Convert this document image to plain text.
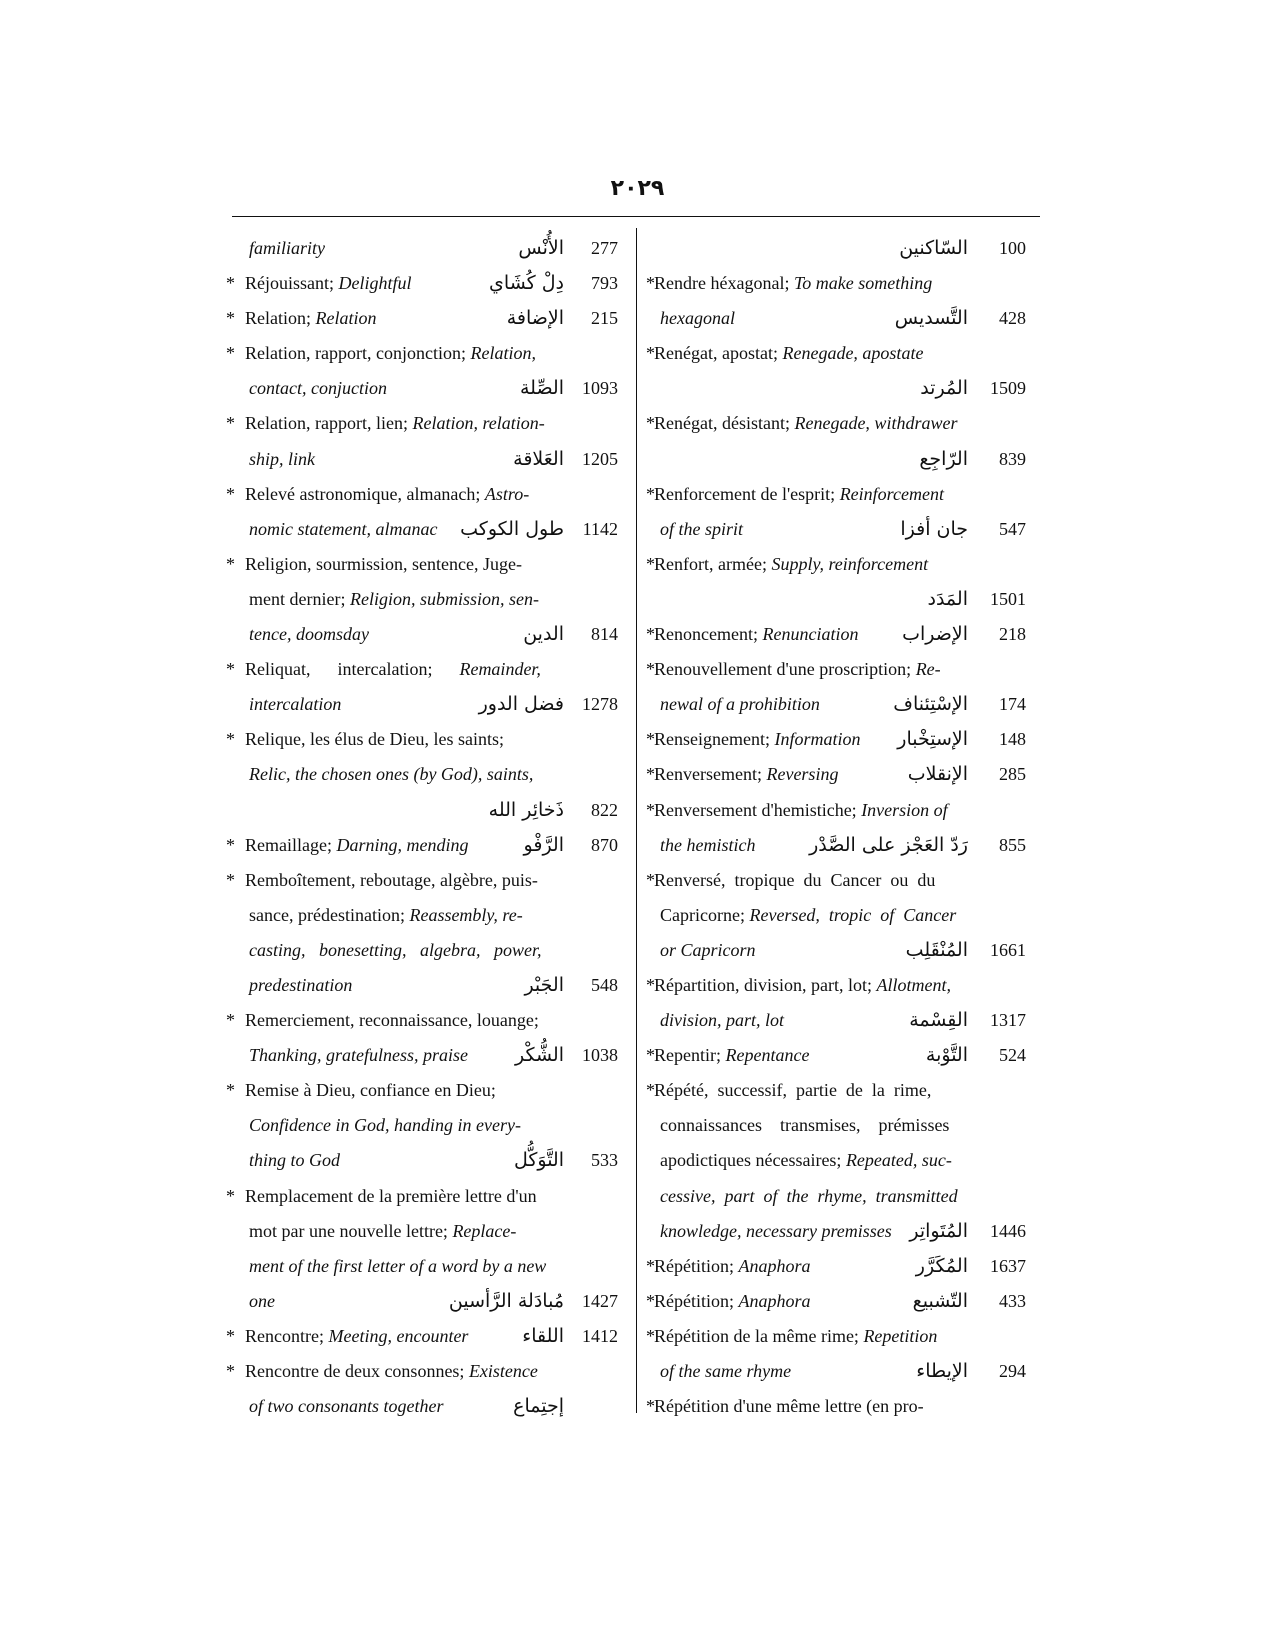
٢٠٢٩
familiarity	الأُنْس	277
* Réjouissant; Delightful	دِلْ كُشَاي	793
* Relation; Relation	الإضافة	215
* Relation, rapport, conjonction; Relation,
contact, conjuction	الصِّلة	1093
* Relation, rapport, lien; Relation, relation-
ship, link	العَلاقة	1205
* Relevé astronomique, almanach; Astro-
nomic statement, almanac طول الكوكب	1142
* Religion, sourmission, sentence, Juge-
ment dernier; Religion, submission, sen-
tence, doomsday	الدين	814
* Reliquat,      intercalation;      Remainder,
intercalation	فضل الدور	1278
* Relique, les élus de Dieu, les saints;
Relic, the chosen ones (by God), saints,
ذَخائِر الله	822
* Remaillage; Darning, mending	الرَّفْو	870
* Remboîtement, reboutage, algèbre, puis-
sance, prédestination; Reassembly, re-
casting,   bonesetting,   algebra,   power,
predestination	الجَبْر	548
* Remerciement, reconnaissance, louange;
Thanking, gratefulness, praise الشُّكْر	1038
* Remise à Dieu, confiance en Dieu;
Confidence in God, handing in every-
thing to God	التَّوَكُّل	533
* Remplacement de la première lettre d'un
mot par une nouvelle lettre; Replace-
ment of the first letter of a word by a new
one	مُبادَلة الرَّأسين	1427
* Rencontre; Meeting, encounter	اللقاء	1412
* Rencontre de deux consonnes; Existence
of two consonants together	إجتِماع
السّاكنين	100
* Rendre héxagonal; To make something
hexagonal	التَّسديس	428
* Renégat, apostat; Renegade, apostate
المُرتد	1509
* Renégat, désistant; Renegade, withdrawer
الرّاجِع	839
* Renforcement de l'esprit; Reinforcement
of the spirit	جان أفزا	547
* Renfort, armée; Supply, reinforcement
المَدَد	1501
* Renoncement; Renunciation الإضراب	218
* Renouvellement d'une proscription; Re-
newal of a prohibition	الإسْتِئناف	174
* Renseignement; Information الإستِخْبار	148
* Renversement; Reversing	الإنقلاب	285
* Renversement d'hemistiche; Inversion of
the hemistich	رَدّ العَجْز على الصَّدْر	855
* Renversé,  tropique  du  Cancer  ou  du
Capricorne; Reversed,  tropic  of  Cancer
or Capricorn	المُنْقَلِب	1661
* Répartition, division, part, lot; Allotment,
division, part, lot	القِسْمة	1317
* Repentir; Repentance	التَّوْبة	524
* Répété,  successif,  partie  de  la  rime,
connaissances    transmises,    prémisses
apodictiques nécessaires; Repeated, suc-
cessive,  part  of  the  rhyme,  transmitted
knowledge, necessary premisses المُتَواتِر	1446
* Répétition; Anaphora	المُكَرَّر	1637
* Répétition; Anaphora	التّشبيع	433
* Répétition de la même rime; Repetition
of the same rhyme	الإيطاء	294
* Répétition d'une même lettre (en pro-
